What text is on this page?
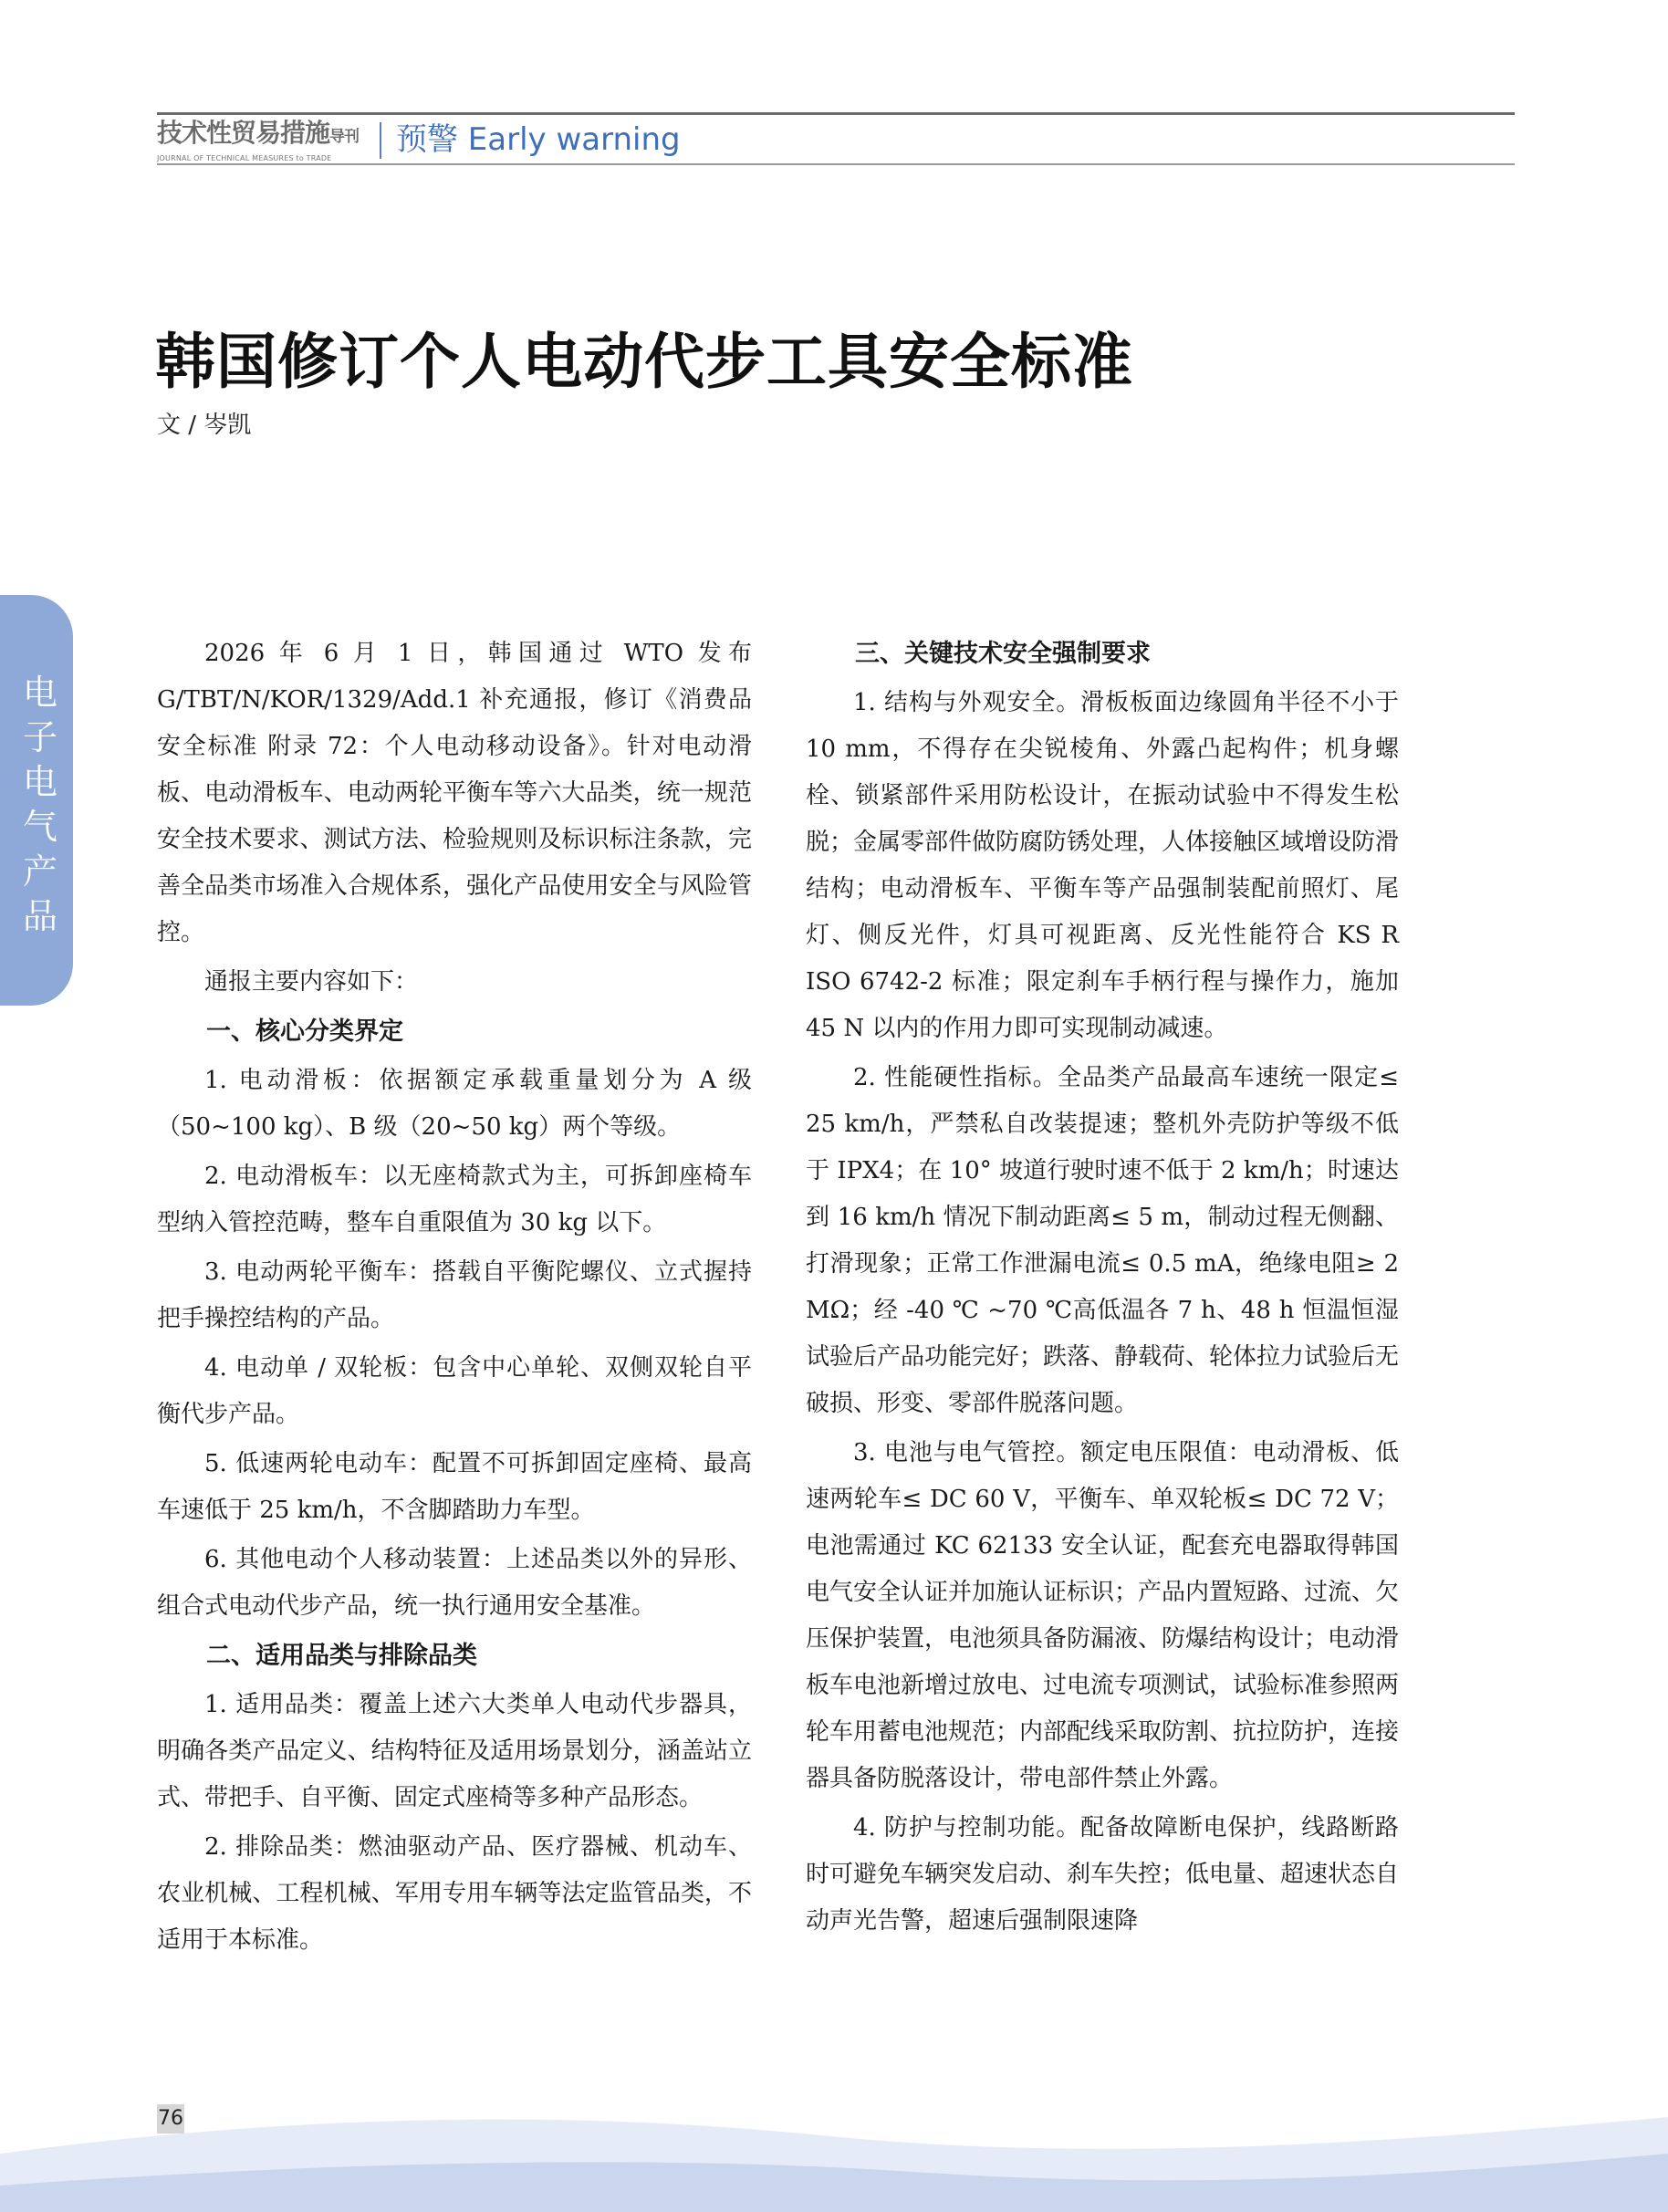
技术性贸易措施导刊
JOURNAL OF TECHNICAL MEASURES to TRADE
预警 Early warning
韩国修订个人电动代步工具安全标准
文 / 岑凯
电子电气产品
2026 年 6 月 1 日，韩国通过 WTO 发布 G/TBT/N/KOR/1329/Add.1 补充通报，修订《消费品安全标准 附录 72：个人电动移动设备》。针对电动滑板、电动滑板车、电动两轮平衡车等六大品类，统一规范安全技术要求、测试方法、检验规则及标识标注条款，完善全品类市场准入合规体系，强化产品使用安全与风险管控。
通报主要内容如下：
一、核心分类界定
1. 电动滑板：依据额定承载重量划分为 A 级（50~100 kg）、B 级（20~50 kg）两个等级。
2. 电动滑板车：以无座椅款式为主，可拆卸座椅车型纳入管控范畴，整车自重限值为 30 kg 以下。
3. 电动两轮平衡车：搭载自平衡陀螺仪、立式握持把手操控结构的产品。
4. 电动单 / 双轮板：包含中心单轮、双侧双轮自平衡代步产品。
5. 低速两轮电动车：配置不可拆卸固定座椅、最高车速低于 25 km/h，不含脚踏助力车型。
6. 其他电动个人移动装置：上述品类以外的异形、组合式电动代步产品，统一执行通用安全基准。
二、适用品类与排除品类
1. 适用品类：覆盖上述六大类单人电动代步器具，明确各类产品定义、结构特征及适用场景划分，涵盖站立式、带把手、自平衡、固定式座椅等多种产品形态。
2. 排除品类：燃油驱动产品、医疗器械、机动车、农业机械、工程机械、军用专用车辆等法定监管品类，不适用于本标准。
三、关键技术安全强制要求
1. 结构与外观安全。滑板板面边缘圆角半径不小于 10 mm，不得存在尖锐棱角、外露凸起构件；机身螺栓、锁紧部件采用防松设计，在振动试验中不得发生松脱；金属零部件做防腐防锈处理，人体接触区域增设防滑结构；电动滑板车、平衡车等产品强制装配前照灯、尾灯、侧反光件，灯具可视距离、反光性能符合 KS R ISO 6742-2 标准；限定刹车手柄行程与操作力，施加 45 N 以内的作用力即可实现制动减速。
2. 性能硬性指标。全品类产品最高车速统一限定≤ 25 km/h，严禁私自改装提速；整机外壳防护等级不低于 IPX4；在 10° 坡道行驶时速不低于 2 km/h；时速达到 16 km/h 情况下制动距离≤ 5 m，制动过程无侧翻、打滑现象；正常工作泄漏电流≤ 0.5 mA，绝缘电阻≥ 2 MΩ；经 -40 ℃ ~70 ℃高低温各 7 h、48 h 恒温恒湿试验后产品功能完好；跌落、静载荷、轮体拉力试验后无破损、形变、零部件脱落问题。
3. 电池与电气管控。额定电压限值：电动滑板、低速两轮车≤ DC 60 V，平衡车、单双轮板≤ DC 72 V；电池需通过 KC 62133 安全认证，配套充电器取得韩国电气安全认证并加施认证标识；产品内置短路、过流、欠压保护装置，电池须具备防漏液、防爆结构设计；电动滑板车电池新增过放电、过电流专项测试，试验标准参照两轮车用蓄电池规范；内部配线采取防割、抗拉防护，连接器具备防脱落设计，带电部件禁止外露。
4. 防护与控制功能。配备故障断电保护，线路断路时可避免车辆突发启动、刹车失控；低电量、超速状态自动声光告警，超速后强制限速降
76
